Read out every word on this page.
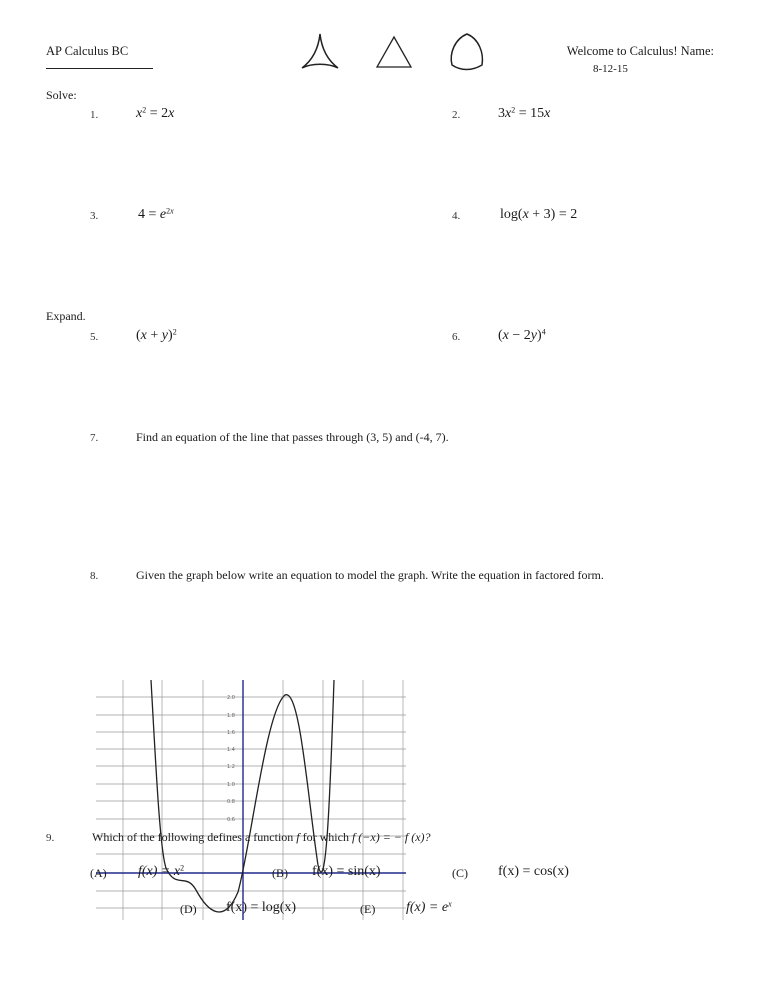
AP Calculus BC	Welcome to Calculus! Name:
8-12-15
Solve:
1.	$x^2 = 2x$	2.	$3x^2 = 15x$
3.	$4 = e^{2x}$	4.	log(x + 3) = 2
Expand.
5.	$(x + y)^2$	6.	$(x - 2y)^4$
7.	Find an equation of the line that passes through (3, 5) and (-4, 7).
8.	Given the graph below write an equation to model the graph. Write the equation in factored form.
2.0
1.8
1.6
1.4
1.2
1.0
0.8
0.6
9.	Which of the following defines a function f for which f (−x) = − f (x)?
(A) $f(x) = x^2$	(B) f(x) = sin(x)	(C) f(x) = cos(x)
(D) f(x) = log(x)	(E) $f(x) = e^x$
